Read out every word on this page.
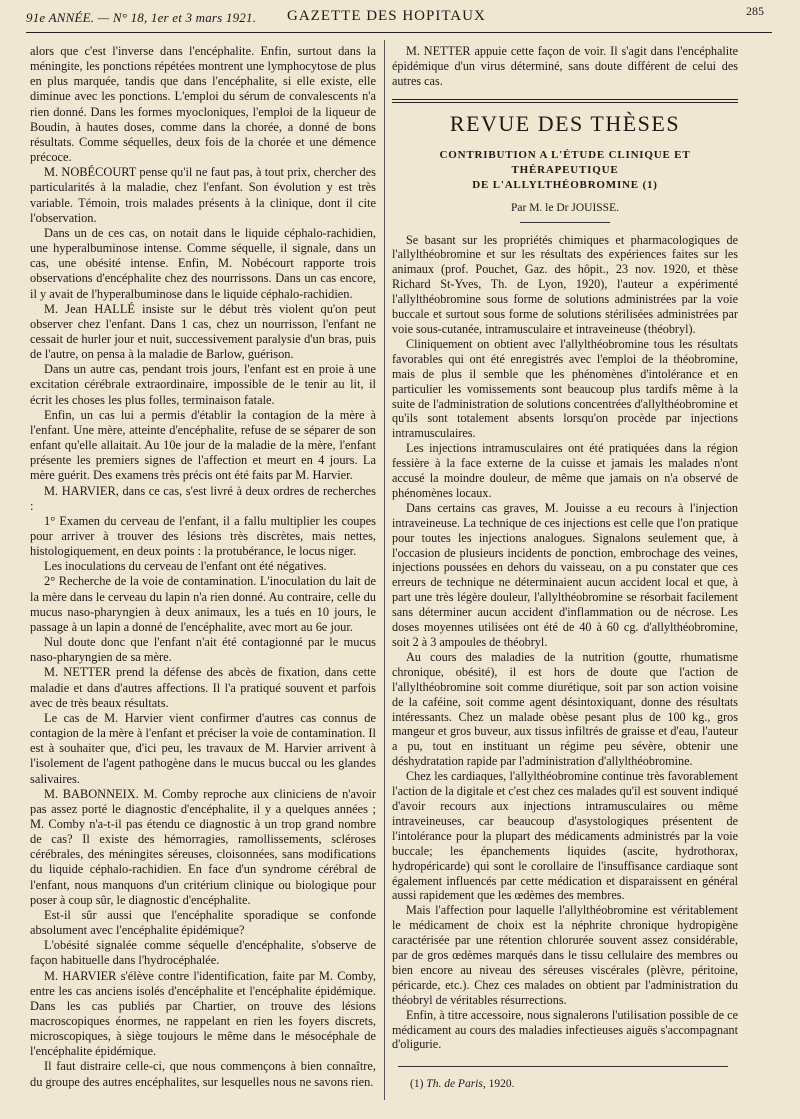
91e ANNÉE. — N° 18, 1er et 3 mars 1921. GAZETTE DES HOPITAUX	285

alors que c'est l'inverse dans l'encéphalite. Enfin, surtout dans la méningite, les ponctions répétées montrent une lymphocytose de plus en plus marquée, tandis que dans l'encéphalite, si elle existe, elle diminue avec les ponctions. L'emploi du sérum de convalescents n'a rien donné. Dans les formes myocloniques, l'emploi de la liqueur de Boudin, à hautes doses, comme dans la chorée, a donné de bons résultats. Comme séquelles, deux fois de la chorée et une démence précoce.

M. NOBÉCOURT pense qu'il ne faut pas, à tout prix, chercher des particularités à la maladie, chez l'enfant. Son évolution y est très variable. Témoin, trois malades présents à la clinique, dont il cite l'observation.

Dans un de ces cas, on notait dans le liquide céphalo-rachidien, une hyperalbuminose intense. Comme séquelle, il signale, dans un cas, une obésité intense. Enfin, M. Nobécourt rapporte trois observations d'encéphalite chez des nourrissons. Dans un cas encore, il y avait de l'hyperalbuminose dans le liquide céphalo-rachidien.

M. Jean HALLÉ insiste sur le début très violent qu'on peut observer chez l'enfant. Dans 1 cas, chez un nourrisson, l'enfant ne cessait de hurler jour et nuit, successivement paralysie d'un bras, puis de l'autre, on pensa à la maladie de Barlow, guérison.

Dans un autre cas, pendant trois jours, l'enfant est en proie à une excitation cérébrale extraordinaire, impossible de le tenir au lit, il écrit les choses les plus folles, terminaison fatale.

Enfin, un cas lui a permis d'établir la contagion de la mère à l'enfant. Une mère, atteinte d'encéphalite, refuse de se séparer de son enfant qu'elle allaitait. Au 10e jour de la maladie de la mère, l'enfant présente les premiers signes de l'affection et meurt en 4 jours. La mère guérit. Des examens très précis ont été faits par M. Harvier.

M. HARVIER, dans ce cas, s'est livré à deux ordres de recherches :

1° Examen du cerveau de l'enfant, il a fallu multiplier les coupes pour arriver à trouver des lésions très discrètes, mais nettes, histologiquement, en deux points : la protubérance, le locus niger.

Les inoculations du cerveau de l'enfant ont été négatives.

2° Recherche de la voie de contamination. L'inoculation du lait de la mère dans le cerveau du lapin n'a rien donné. Au contraire, celle du mucus naso-pharyngien à deux animaux, les a tués en 10 jours, le passage à un lapin a donné de l'encéphalite, avec mort au 6e jour.

Nul doute donc que l'enfant n'ait été contagionné par le mucus naso-pharyngien de sa mère.

M. NETTER prend la défense des abcès de fixation, dans cette maladie et dans d'autres affections. Il l'a pratiqué souvent et parfois avec de très beaux résultats.

Le cas de M. Harvier vient confirmer d'autres cas connus de contagion de la mère à l'enfant et préciser la voie de contamination. Il est à souhaiter que, d'ici peu, les travaux de M. Harvier arrivent à l'isolement de l'agent pathogène dans le mucus buccal ou les glandes salivaires.

M. BABONNEIX. M. Comby reproche aux cliniciens de n'avoir pas assez porté le diagnostic d'encéphalite, il y a quelques années ; M. Comby n'a-t-il pas étendu ce diagnostic à un trop grand nombre de cas? Il existe des hémorragies, ramollissements, scléroses cérébrales, des méningites séreuses, cloisonnées, sans modifications du liquide céphalo-rachidien. En face d'un syndrome cérébral de l'enfant, nous manquons d'un critérium clinique ou biologique pour poser à coup sûr, le diagnostic d'encéphalite.

Est-il sûr aussi que l'encéphalite sporadique se confonde absolument avec l'encéphalite épidémique?

L'obésité signalée comme séquelle d'encéphalite, s'observe de façon habituelle dans l'hydrocéphalée.

M. HARVIER s'élève contre l'identification, faite par M. Comby, entre les cas anciens isolés d'encéphalite et l'encéphalite épidémique. Dans les cas publiés par Chartier, on trouve des lésions macroscopiques énormes, ne rappelant en rien les foyers discrets, microscopiques, à siège toujours le même dans le mésocéphale de l'encéphalite épidémique.

Il faut distraire celle-ci, que nous commençons à bien connaître, du groupe des autres encéphalites, sur lesquelles nous ne savons rien.

M. NETTER appuie cette façon de voir. Il s'agit dans l'encéphalite épidémique d'un virus déterminé, sans doute différent de celui des autres cas.

REVUE DES THÈSES
CONTRIBUTION A L'ÉTUDE CLINIQUE ET THÉRAPEUTIQUE
DE L'ALLYLTHÉOBROMINE (1)
Par M. le Dr JOUISSE.

Se basant sur les propriétés chimiques et pharmacologiques de l'allylthéobromine et sur les résultats des expériences faites sur les animaux (prof. Pouchet, Gaz. des hôpit., 23 nov. 1920, et thèse Richard St-Yves, Th. de Lyon, 1920), l'auteur a expérimenté l'allylthéobromine sous forme de solutions administrées par la voie buccale et surtout sous forme de solutions stérilisées administrées par voie sous-cutanée, intramusculaire et intraveineuse (théobryl).

Cliniquement on obtient avec l'allylthéobromine tous les résultats favorables qui ont été enregistrés avec l'emploi de la théobromine, mais de plus il semble que les phénomènes d'intolérance et en particulier les vomissements sont beaucoup plus tardifs même à la suite de l'administration de solutions concentrées d'allylthéobromine et qu'ils sont totalement absents lorsqu'on procède par injections intramusculaires.

Les injections intramusculaires ont été pratiquées dans la région fessière à la face externe de la cuisse et jamais les malades n'ont accusé la moindre douleur, de même que jamais on n'a observé de phénomènes locaux.

Dans certains cas graves, M. Jouisse a eu recours à l'injection intraveineuse. La technique de ces injections est celle que l'on pratique pour toutes les injections analogues. Signalons seulement que, à l'occasion de plusieurs incidents de ponction, embrochage des veines, injections poussées en dehors du vaisseau, on a pu constater que ces erreurs de technique ne déterminaient aucun accident local et que, à part une très légère douleur, l'allylthéobromine se résorbait facilement sans déterminer aucun accident d'inflammation ou de nécrose. Les doses moyennes utilisées ont été de 40 à 60 cg. d'allylthéobromine, soit 2 à 3 ampoules de théobryl.

Au cours des maladies de la nutrition (goutte, rhumatisme chronique, obésité), il est hors de doute que l'action de l'allylthéobromine soit comme diurétique, soit par son action voisine de la caféine, soit comme agent désintoxiquant, donne des résultats intéressants. Chez un malade obèse pesant plus de 100 kg., gros mangeur et gros buveur, aux tissus infiltrés de graisse et d'eau, l'auteur a pu, tout en instituant un régime peu sévère, obtenir une déshydratation rapide par l'administration d'allylthéobromine.

Chez les cardiaques, l'allylthéobromine continue très favorablement l'action de la digitale et c'est chez ces malades qu'il est souvent indiqué d'avoir recours aux injections intramusculaires ou même intraveineuses, car beaucoup d'asystologiques présentent de l'intolérance pour la plupart des médicaments administrés par la voie buccale; les épanchements liquides (ascite, hydrothorax, hydropéricarde) qui sont le corollaire de l'insuffisance cardiaque sont également influencés par cette médication et disparaissent en général aussi rapidement que les œdèmes des membres.

Mais l'affection pour laquelle l'allylthéobromine est véritablement le médicament de choix est la néphrite chronique hydropigène caractérisée par une rétention chlorurée souvent assez considérable, par de gros œdèmes marqués dans le tissu cellulaire des membres ou bien encore au niveau des séreuses viscérales (plèvre, péritoine, péricarde, etc.). Chez ces malades on obtient par l'administration du théobryl de véritables résurrections.

Enfin, à titre accessoire, nous signalerons l'utilisation possible de ce médicament au cours des maladies infectieuses aiguës s'accompagnant d'oligurie.

(1) Th. de Paris, 1920.
